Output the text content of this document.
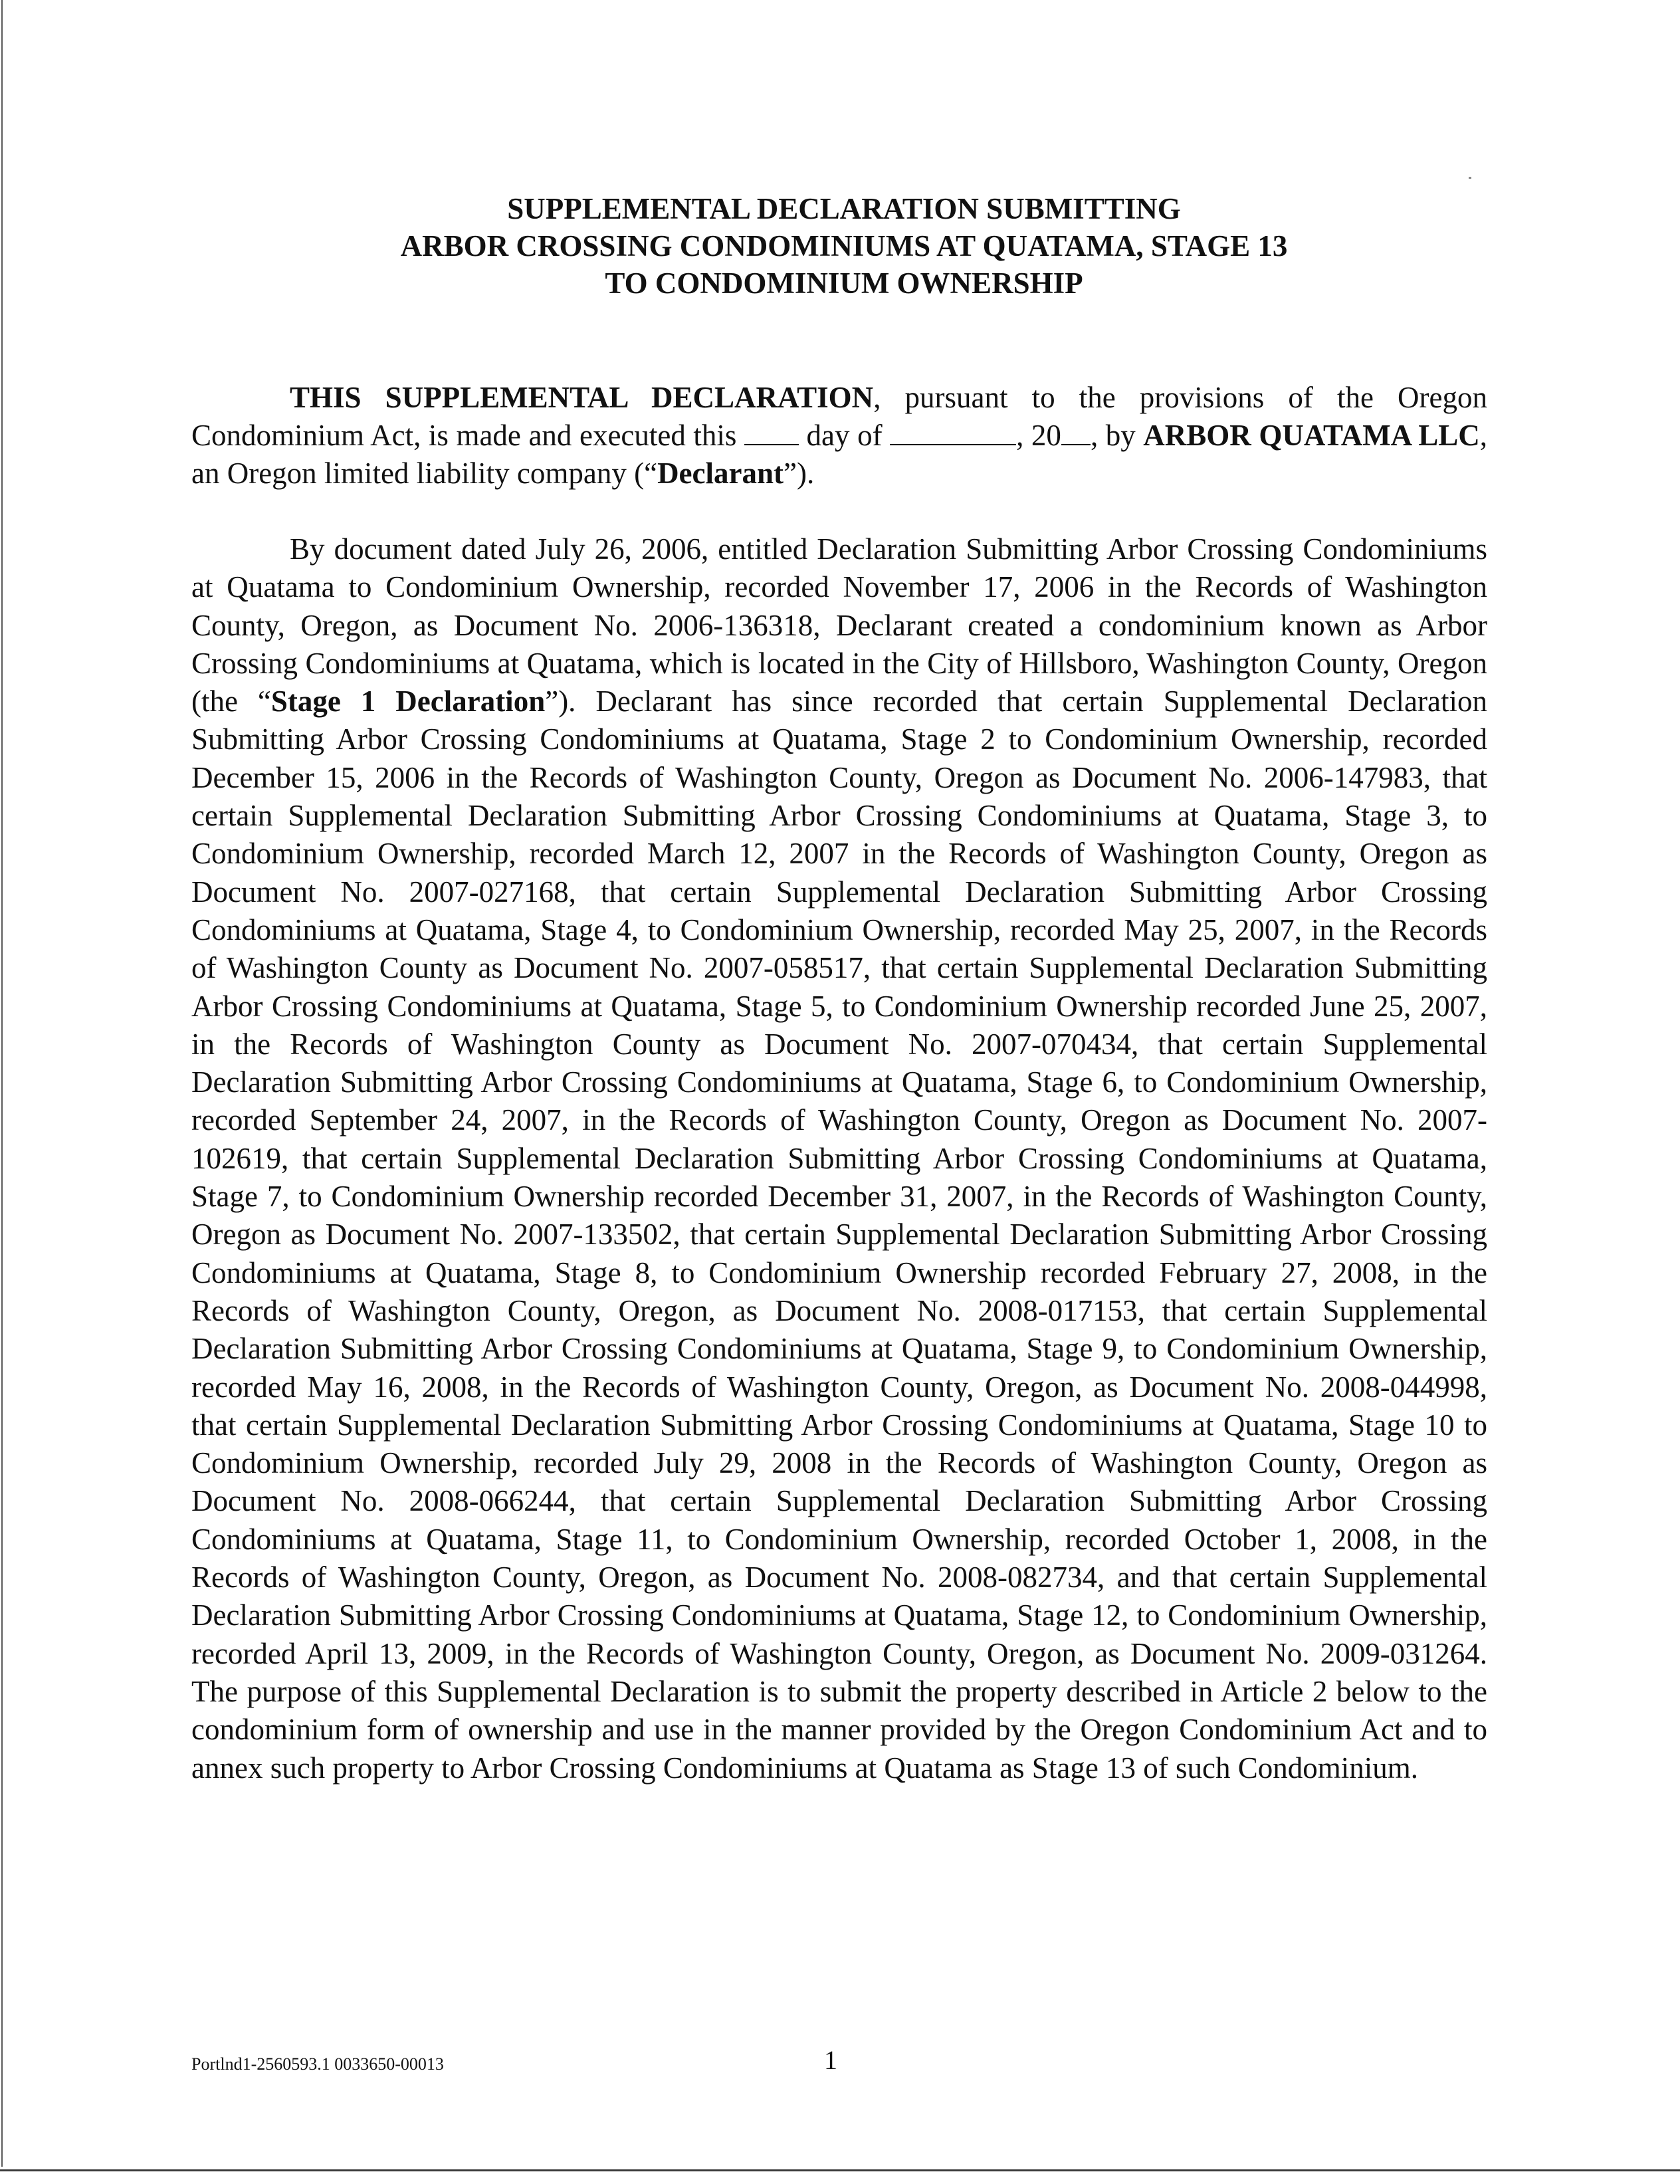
SUPPLEMENTAL DECLARATION SUBMITTING
ARBOR CROSSING CONDOMINIUMS AT QUATAMA, STAGE 13
TO CONDOMINIUM OWNERSHIP

THIS SUPPLEMENTAL DECLARATION, pursuant to the provisions of the Oregon Condominium Act, is made and executed this  day of	, 20 , by ARBOR QUATAMA LLC, an Oregon limited liability company (“Declarant”).

By document dated July 26, 2006, entitled Declaration Submitting Arbor Crossing Condominiums at Quatama to Condominium Ownership, recorded November 17, 2006 in the Records of Washington County, Oregon, as Document No. 2006-136318, Declarant created a condominium known as Arbor Crossing Condominiums at Quatama, which is located in the City of Hillsboro, Washington County, Oregon (the “Stage 1 Declaration”). Declarant has since recorded that certain Supplemental Declaration Submitting Arbor Crossing Condominiums at Quatama, Stage 2 to Condominium Ownership, recorded December 15, 2006 in the Records of Washington County, Oregon as Document No. 2006-147983, that certain Supplemental Declaration Submitting Arbor Crossing Condominiums at Quatama, Stage 3, to Condominium Ownership, recorded March 12, 2007 in the Records of Washington County, Oregon as Document No. 2007-027168, that certain Supplemental Declaration Submitting Arbor Crossing Condominiums at Quatama, Stage 4, to Condominium Ownership, recorded May 25, 2007, in the Records of Washington County as Document No. 2007-058517, that certain Supplemental Declaration Submitting Arbor Crossing Condominiums at Quatama, Stage 5, to Condominium Ownership recorded June 25, 2007, in the Records of Washington County as Document No. 2007-070434, that certain Supplemental Declaration Submitting Arbor Crossing Condominiums at Quatama, Stage 6, to Condominium Ownership, recorded September 24, 2007, in the Records of Washington County, Oregon as Document No. 2007-102619, that certain Supplemental Declaration Submitting Arbor Crossing Condominiums at Quatama, Stage 7, to Condominium Ownership recorded December 31, 2007, in the Records of Washington County, Oregon as Document No. 2007-133502, that certain Supplemental Declaration Submitting Arbor Crossing Condominiums at Quatama, Stage 8, to Condominium Ownership recorded February 27, 2008, in the Records of Washington County, Oregon, as Document No. 2008-017153, that certain Supplemental Declaration Submitting Arbor Crossing Condominiums at Quatama, Stage 9, to Condominium Ownership, recorded May 16, 2008, in the Records of Washington County, Oregon, as Document No. 2008-044998, that certain Supplemental Declaration Submitting Arbor Crossing Condominiums at Quatama, Stage 10 to Condominium Ownership, recorded July 29, 2008 in the Records of Washington County, Oregon as Document No. 2008-066244, that certain Supplemental Declaration Submitting Arbor Crossing Condominiums at Quatama, Stage 11, to Condominium Ownership, recorded October 1, 2008, in the Records of Washington County, Oregon, as Document No. 2008-082734, and that certain Supplemental Declaration Submitting Arbor Crossing Condominiums at Quatama, Stage 12, to Condominium Ownership, recorded April 13, 2009, in the Records of Washington County, Oregon, as Document No. 2009-031264. The purpose of this Supplemental Declaration is to submit the property described in Article 2 below to the condominium form of ownership and use in the manner provided by the Oregon Condominium Act and to annex such property to Arbor Crossing Condominiums at Quatama as Stage 13 of such Condominium.

Portlnd1-2560593.1 0033650-00013	1
